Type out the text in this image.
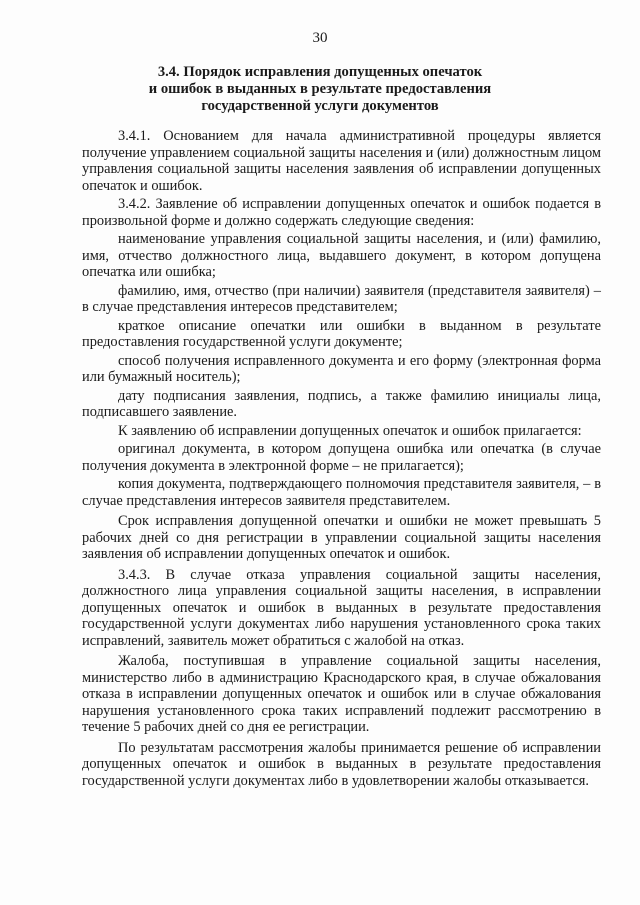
30
3.4. Порядок исправления допущенных опечаток
и ошибок в выданных в результате предоставления
государственной услуги документов

3.4.1. Основанием для начала административной процедуры является получение управлением социальной защиты населения и (или) должностным лицом управления социальной защиты населения заявления об исправлении допущенных опечаток и ошибок.

3.4.2. Заявление об исправлении допущенных опечаток и ошибок подается в произвольной форме и должно содержать следующие сведения:

наименование управления социальной защиты населения, и (или) фамилию, имя, отчество должностного лица, выдавшего документ, в котором допущена опечатка или ошибка;

фамилию, имя, отчество (при наличии) заявителя (представителя заявителя) – в случае представления интересов представителем;

краткое описание опечатки или ошибки в выданном в результате предоставления государственной услуги документе;

способ получения исправленного документа и его форму (электронная форма или бумажный носитель);

дату подписания заявления, подпись, а также фамилию инициалы лица, подписавшего заявление.

К заявлению об исправлении допущенных опечаток и ошибок прилагается:

оригинал документа, в котором допущена ошибка или опечатка (в случае получения документа в электронной форме – не прилагается);

копия документа, подтверждающего полномочия представителя заявителя, – в случае представления интересов заявителя представителем.

Срок исправления допущенной опечатки и ошибки не может превышать 5 рабочих дней со дня регистрации в управлении социальной защиты населения заявления об исправлении допущенных опечаток и ошибок.

3.4.3. В случае отказа управления социальной защиты населения, должностного лица управления социальной защиты населения, в исправлении допущенных опечаток и ошибок в выданных в результате предоставления государственной услуги документах либо нарушения установленного срока таких исправлений, заявитель может обратиться с жалобой на отказ.

Жалоба, поступившая в управление социальной защиты населения, министерство либо в администрацию Краснодарского края, в случае обжалования отказа в исправлении допущенных опечаток и ошибок или в случае обжалования нарушения установленного срока таких исправлений подлежит рассмотрению в течение 5 рабочих дней со дня ее регистрации.

По результатам рассмотрения жалобы принимается решение об исправлении допущенных опечаток и ошибок в выданных в результате предоставления государственной услуги документах либо в удовлетворении жалобы отказывается.
